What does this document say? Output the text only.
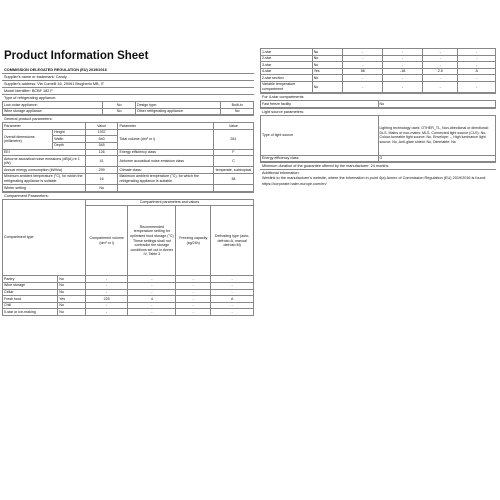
Product Information Sheet
COMMISSION DELEGATED REGULATION (EU) 2019/2016
Supplier's name or trademark: Candy
Supplier's address: Via Comelli 16, 20061 Brugherio MB, IT
Model identifier: BCBF 182 F
Type of refrigerating appliance:
Low-noise appliance:	No	Design type:	Built-in
Wine storage appliance:	No	Other refrigerating appliance:	No
General product parameters:
Parameter		Value	Parameter	Value
Overall dimensions (millimetre)	Height	1937	Total volume (dm³ or l)	281
	Width	540		
	Depth	545		
EEI		126	Energy efficiency class	F
Airborne acoustical noise emissions (dB(A) re 1 pW)		41	Airborne acoustical noise emission class	C
Annual energy consumption (kWh/a)		299	Climate class:	temperate, subtropical
Minimum ambient temperature (°C), for which the refrigerating appliance is suitable		16	Maximum ambient temperature (°C), for which the refrigerating appliance is suitable	38
Winter setting		No		
Compartment Parameters:
Compartment type		Compartment parameters and values			
		Compartment volume (dm³ or l)	Recommended temperature setting for optimised food storage (°C) These settings shall not contradict the storage conditions set out in Annex IV, Table 3	Freezing capacity (kg/24h)	Defrosting type (auto-defrost=A, manual defrost=M)
Pantry	No	-	-	-	-
Wine storage	No	-	-	-	-
Cellar	No	-	-	-	-
Fresh food	Yes	225	4	-	A
Chill	No	-	-	-	-
0-star or ice-making	No	-	-	-	-
1-star	No	-	-	-	-
2-star	No	-	-	-	-
3-star	No	-	-	-	-
4-star	Yes	56	-18	2.5	A
2-star section	No	-	-	-	-
Variable temperature compartment	No	-	-	-	-
For 4-star compartments
Fast freeze facility	No
Light source parameters:
Type of light source	Lighting technology used: OTHER_TL, Non-directional or directional: DLS, Mains or non-mains: MLS, Connected light source (CLS): No, Colour-tuneable light source: No, Envelope: -, High luminance light source: No, Anti-glare shield: No, Dimmable: No
Energy efficiency class	G
Minimum duration of the guarantee offered by the manufacturer: 24 months
Additional information:
Weblink to the manufacturer's website, where the information in point 4(a) Annex of Commission Regulation (EU) 2019/2016 is found:
https://corporate.haier-europe.com/en/
